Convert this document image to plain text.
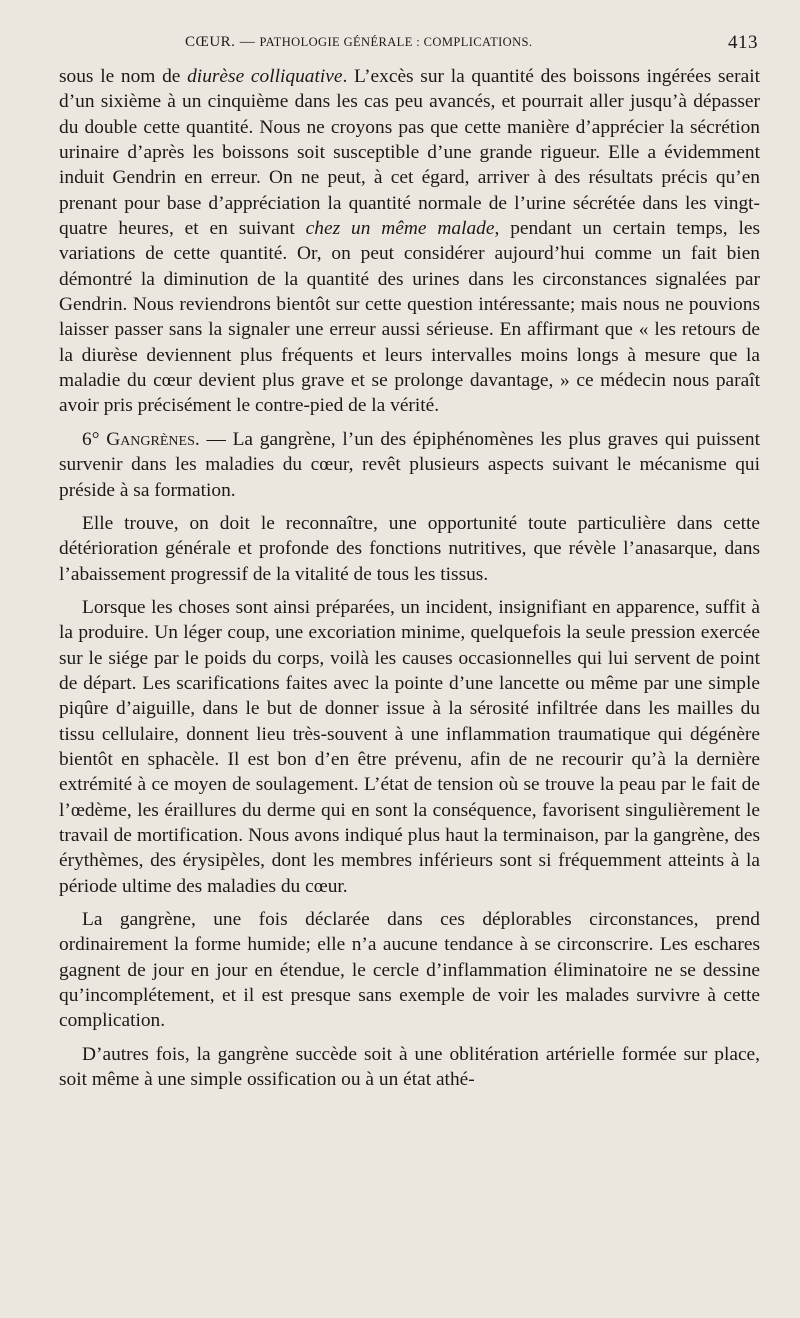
CŒUR. — PATHOLOGIE GÉNÉRALE : COMPLICATIONS.	413

sous le nom de diurèse colliquative. L’excès sur la quantité des boissons ingérées serait d’un sixième à un cinquième dans les cas peu avancés, et pourrait aller jusqu’à dépasser du double cette quantité. Nous ne croyons pas que cette manière d’apprécier la sécrétion urinaire d’après les boissons soit susceptible d’une grande rigueur. Elle a évidemment induit Gendrin en erreur. On ne peut, à cet égard, arriver à des résultats précis qu’en prenant pour base d’appréciation la quantité normale de l’urine sécrétée dans les vingt-quatre heures, et en suivant chez un même malade, pendant un certain temps, les variations de cette quantité. Or, on peut considérer aujourd’hui comme un fait bien démontré la diminution de la quantité des urines dans les circonstances signalées par Gendrin. Nous reviendrons bientôt sur cette question intéressante; mais nous ne pouvions laisser passer sans la signaler une erreur aussi sérieuse. En affirmant que « les retours de la diurèse deviennent plus fréquents et leurs intervalles moins longs à mesure que la maladie du cœur devient plus grave et se prolonge davantage, » ce médecin nous paraît avoir pris précisément le contre-pied de la vérité.

6° Gangrènes. — La gangrène, l’un des épiphénomènes les plus graves qui puissent survenir dans les maladies du cœur, revêt plusieurs aspects suivant le mécanisme qui préside à sa formation.

Elle trouve, on doit le reconnaître, une opportunité toute particulière dans cette détérioration générale et profonde des fonctions nutritives, que révèle l’anasarque, dans l’abaissement progressif de la vitalité de tous les tissus.

Lorsque les choses sont ainsi préparées, un incident, insignifiant en apparence, suffit à la produire. Un léger coup, une excoriation minime, quelquefois la seule pression exercée sur le siége par le poids du corps, voilà les causes occasionnelles qui lui servent de point de départ. Les scarifications faites avec la pointe d’une lancette ou même par une simple piqûre d’aiguille, dans le but de donner issue à la sérosité infiltrée dans les mailles du tissu cellulaire, donnent lieu très-souvent à une inflammation traumatique qui dégénère bientôt en sphacèle. Il est bon d’en être prévenu, afin de ne recourir qu’à la dernière extrémité à ce moyen de soulagement. L’état de tension où se trouve la peau par le fait de l’œdème, les éraillures du derme qui en sont la conséquence, favorisent singulièrement le travail de mortification. Nous avons indiqué plus haut la terminaison, par la gangrène, des érythèmes, des érysipèles, dont les membres inférieurs sont si fréquemment atteints à la période ultime des maladies du cœur.

La gangrène, une fois déclarée dans ces déplorables circonstances, prend ordinairement la forme humide; elle n’a aucune tendance à se circonscrire. Les eschares gagnent de jour en jour en étendue, le cercle d’inflammation éliminatoire ne se dessine qu’incomplétement, et il est presque sans exemple de voir les malades survivre à cette complication.

D’autres fois, la gangrène succède soit à une oblitération artérielle formée sur place, soit même à une simple ossification ou à un état athé-
